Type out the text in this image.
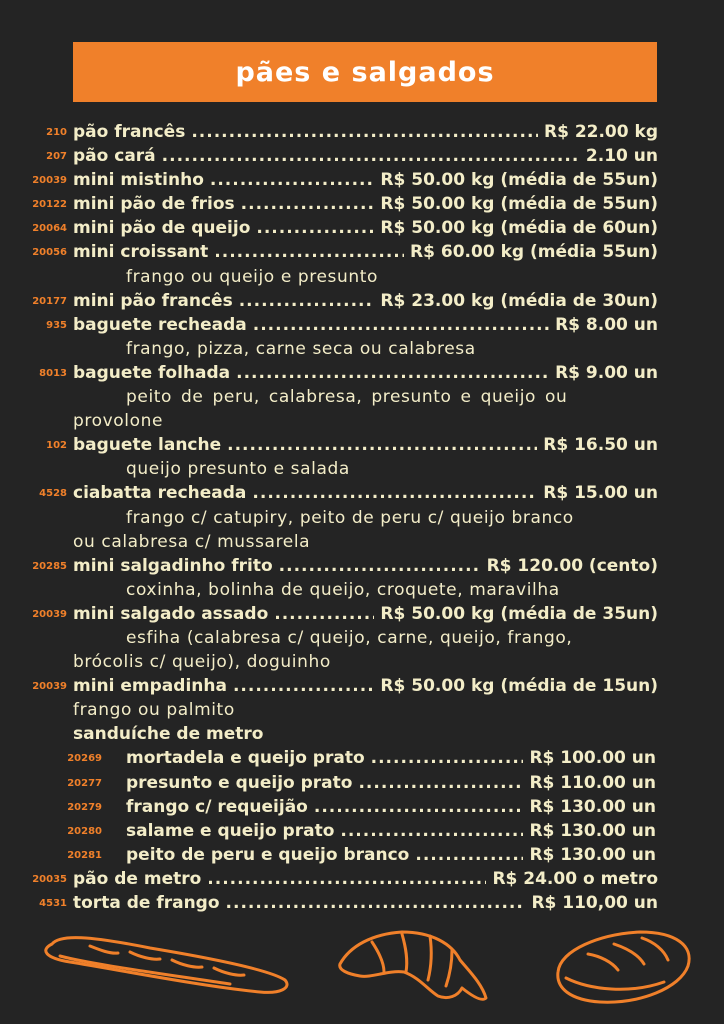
pães e salgados
210 pão francês .....	R$ 22.00 kg
207 pão cará .....	2.10 un
20039 mini mistinho .....	R$ 50.00 kg (média de 55un)
20122 mini pão de frios .....	R$ 50.00 kg (média de 55un)
20064 mini pão de queijo .....	R$ 50.00 kg (média de 60un)
20056 mini croissant .....	R$ 60.00 kg (média 55un)
frango ou queijo e presunto
20177 mini pão francês .....	R$ 23.00 kg (média de 30un)
935 baguete recheada .....	R$ 8.00 un
frango, pizza, carne seca ou calabresa
8013 baguete folhada .....	R$ 9.00 un
peito de peru, calabresa, presunto e queijo ou
provolone
102 baguete lanche .....	R$ 16.50 un
queijo presunto e salada
4528 ciabatta recheada .....	R$ 15.00 un
frango c/ catupiry, peito de peru c/ queijo branco
ou calabresa c/ mussarela
20285 mini salgadinho frito .....	R$ 120.00 (cento)
coxinha, bolinha de queijo, croquete, maravilha
20039 mini salgado assado .....	R$ 50.00 kg (média de 35un)
esfiha (calabresa c/ queijo, carne, queijo, frango,
brócolis c/ queijo), doguinho
20039 mini empadinha .....	R$ 50.00 kg (média de 15un)
frango ou palmito
sanduíche de metro
20269 mortadela e queijo prato .....	R$ 100.00 un
20277 presunto e queijo prato .....	R$ 110.00 un
20279 frango c/ requeijão .....	R$ 130.00 un
20280 salame e queijo prato .....	R$ 130.00 un
20281 peito de peru e queijo branco .....	R$ 130.00 un
20035 pão de metro .....	R$ 24.00 o metro
4531 torta de frango .....	R$ 110,00 un
